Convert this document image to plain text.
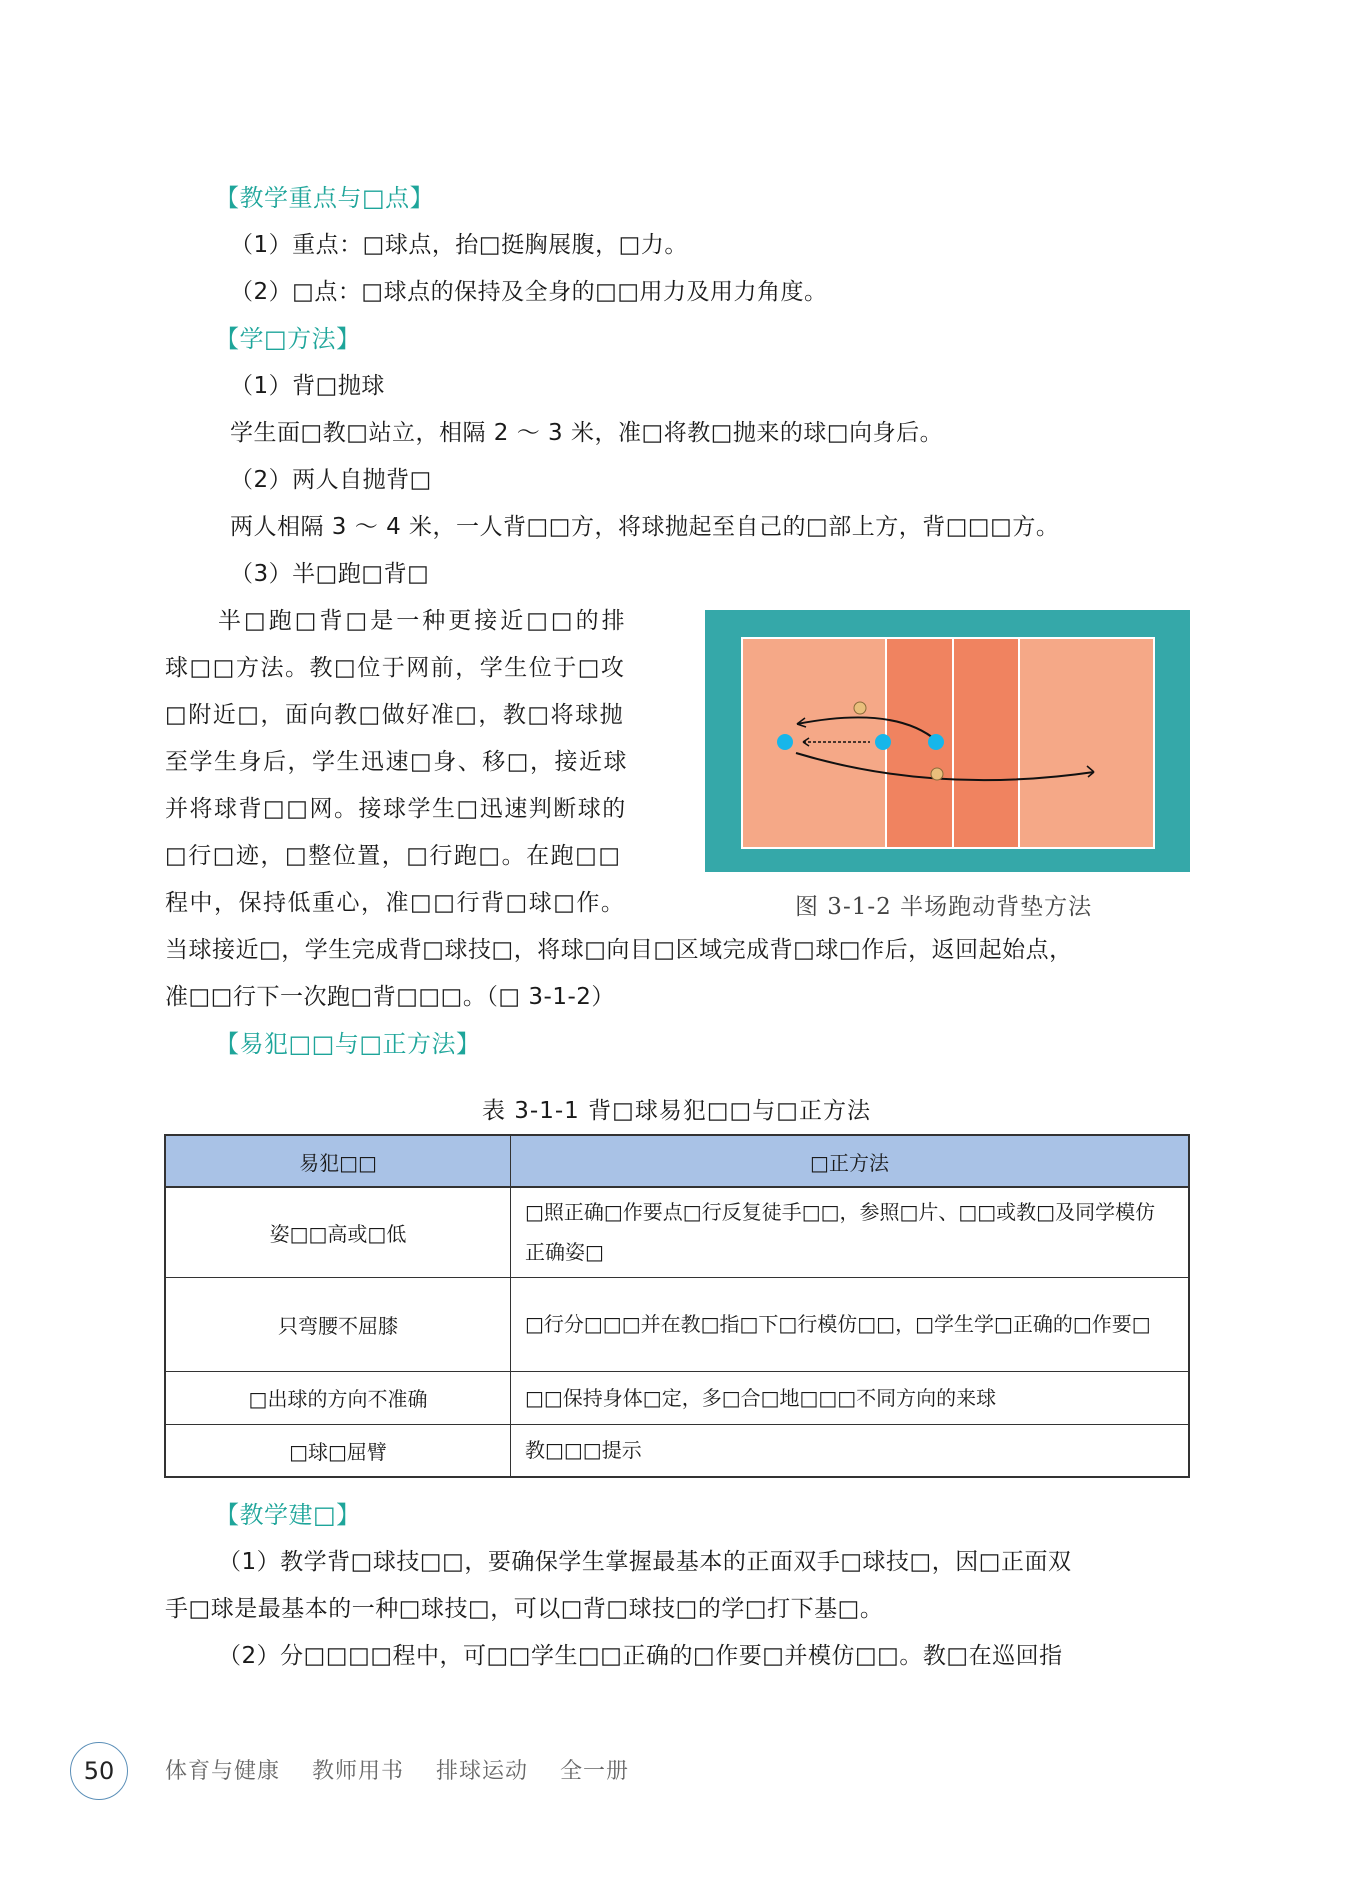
【教学重点与□点】
（1）重点：□球点，抬□挺胸展腹，□力。
（2）□点：□球点的保持及全身的□□用力及用力角度。
【学□方法】
（1）背□抛球
学生面□教□站立，相隔 2 ～ 3 米，准□将教□抛来的球□向身后。
（2）两人自抛背□
两人相隔 3 ～ 4 米，一人背□□方，将球抛起至自己的□部上方，背□□□方。
（3）半□跑□背□
半□跑□背□是一种更接近□□的排
球□□方法。教□位于网前，学生位于□攻
□附近□，面向教□做好准□，教□将球抛
至学生身后，学生迅速□身、移□，接近球
并将球背□□网。接球学生□迅速判断球的
□行□迹，□整位置，□行跑□。在跑□□
程中，保持低重心，准□□行背□球□作。
当球接近□，学生完成背□球技□，将球□向目□区域完成背□球□作后，返回起始点，
准□□行下一次跑□背□□□。（□ 3-1-2）
图 3-1-2 半场跑动背垫方法
【易犯□□与□正方法】
表 3-1-1 背□球易犯□□与□正方法
易犯□□	□正方法
姿□□高或□低	□照正确□作要点□行反复徒手□□，参照□片、□□或教□及同学模仿正确姿□
只弯腰不屈膝	□行分□□□并在教□指□下□行模仿□□，□学生学□正确的□作要□
□出球的方向不准确	□□保持身体□定，多□合□地□□□不同方向的来球
□球□屈臂	教□□□提示
【教学建□】
（1）教学背□球技□□，要确保学生掌握最基本的正面双手□球技□，因□正面双
手□球是最基本的一种□球技□，可以□背□球技□的学□打下基□。
（2）分□□□□程中，可□□学生□□正确的□作要□并模仿□□。教□在巡回指
50	体育与健康 教师用书 排球运动 全一册
